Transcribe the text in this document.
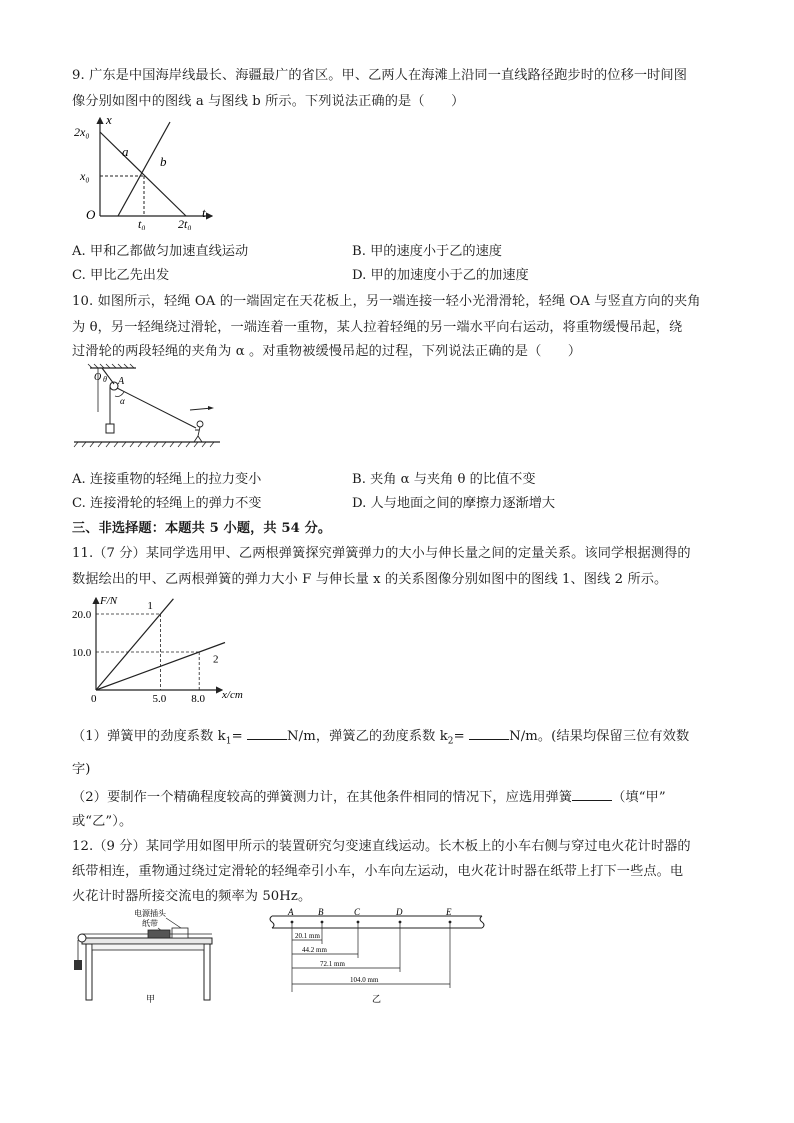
9. 广东是中国海岸线最长、海疆最广的省区。甲、乙两人在海滩上沿同一直线路径跑步时的位移一时间图
像分别如图中的图线 a 与图线 b 所示。下列说法正确的是（　　）
2x₀
x₀
O
t₀	2t₀
t
x
a
b
A. 甲和乙都做匀加速直线运动	B. 甲的速度小于乙的速度
C. 甲比乙先出发	D. 甲的加速度小于乙的加速度
10. 如图所示，轻绳 OA 的一端固定在天花板上，另一端连接一轻小光滑滑轮，轻绳 OA 与竖直方向的夹角
为 θ，另一轻绳绕过滑轮，一端连着一重物，某人拉着轻绳的另一端水平向右运动，将重物缓慢吊起，绕
过滑轮的两段轻绳的夹角为 α 。对重物被缓慢吊起的过程，下列说法正确的是（　　）
O A
θ
α
A. 连接重物的轻绳上的拉力变小	B. 夹角 α 与夹角 θ 的比值不变
C. 连接滑轮的轻绳上的弹力不变	D. 人与地面之间的摩擦力逐渐增大
三、非选择题：本题共 5 小题，共 54 分。
11.（7 分）某同学选用甲、乙两根弹簧探究弹簧弹力的大小与伸长量之间的定量关系。该同学根据测得的
数据绘出的甲、乙两根弹簧的弹力大小 F 与伸长量 x 的关系图像分别如图中的图线 1、图线 2 所示。
1
2
0	5.0 8.0
10.0
20.0
F/N
x/cm
（1）弹簧甲的劲度系数 $k_1=$	N/m，弹簧乙的劲度系数 $k_2=$	N/m。(结果均保留三位有效数
字)
（2）要制作一个精确程度较高的弹簧测力计，在其他条件相同的情况下，应选用弹簧	（填“甲”
或“乙”）。
12.（9 分）某同学用如图甲所示的装置研究匀变速直线运动。长木板上的小车右侧与穿过电火花计时器的
纸带相连，重物通过绕过定滑轮的轻绳牵引小车，小车向左运动，电火花计时器在纸带上打下一些点。电
火花计时器所接交流电的频率为 50Hz。
电源插头
纸带
甲
A	B	C	D	E
20.1 mm
44.2 mm
72.1 mm
104.0 mm
乙
